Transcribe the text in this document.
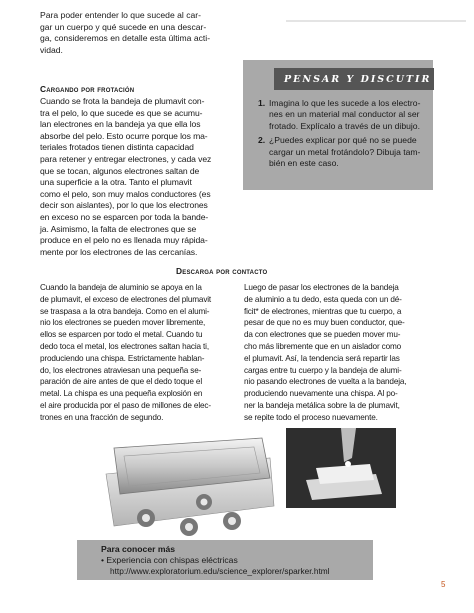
Para poder entender lo que sucede al car-
gar un cuerpo y qué sucede en una descar-
ga, consideremos en detalle esta última acti-
vidad.

Cargando por frotación

Cuando se frota la bandeja de plumavit con-
tra el pelo, lo que sucede es que se acumu-
lan electrones en la bandeja ya que ella los
absorbe del pelo. Esto ocurre porque los ma-
teriales frotados tienen distinta capacidad
para retener y entregar electrones, y cada vez
que se tocan, algunos electrones saltan de
una superficie a la otra. Tanto el plumavit
como el pelo, son muy malos conductores (es
decir son aislantes), por lo que los electrones
en exceso no se esparcen por toda la bande-
ja. Asimismo, la falta de electrones que se
produce en el pelo no es llenada muy rápida-
mente por los electrones de las cercanías.

PENSAR Y DISCUTIR
1. Imagina lo que les sucede a los electro-
nes en un material mal conductor al ser
frotado. Explícalo a través de un dibujo.
2. ¿Puedes explicar por qué no se puede
cargar un metal frotándolo? Dibuja tam-
bién en este caso.

Descarga por contacto

Cuando la bandeja de aluminio se apoya en la
de plumavit, el exceso de electrones del plumavit
se traspasa a la otra bandeja. Como en el alumi-
nio los electrones se pueden mover libremente,
ellos se esparcen por todo el metal. Cuando tu
dedo toca el metal, los electrones saltan hacia ti,
produciendo una chispa. Estrictamente hablan-
do, los electrones atraviesan una pequeña se-
paración de aire antes de que el dedo toque el
metal. La chispa es una pequeña explosión en
el aire producida por el paso de millones de elec-
trones en una fracción de segundo.

Luego de pasar los electrones de la bandeja
de aluminio a tu dedo, esta queda con un dé-
ficit* de electrones, mientras que tu cuerpo, a
pesar de que no es muy buen conductor, que-
da con electrones que se pueden mover mu-
cho más libremente que en un aislador como
el plumavit. Así, la tendencia será repartir las
cargas entre tu cuerpo y la bandeja de alumi-
nio pasando electrones de vuelta a la bandeja,
produciendo nuevamente una chispa. Al po-
ner la bandeja metálica sobre la de plumavit,
se repite todo el proceso nuevamente.

Para conocer más
• Experiencia con chispas eléctricas
http://www.exploratorium.edu/science_explorer/sparker.html
5
